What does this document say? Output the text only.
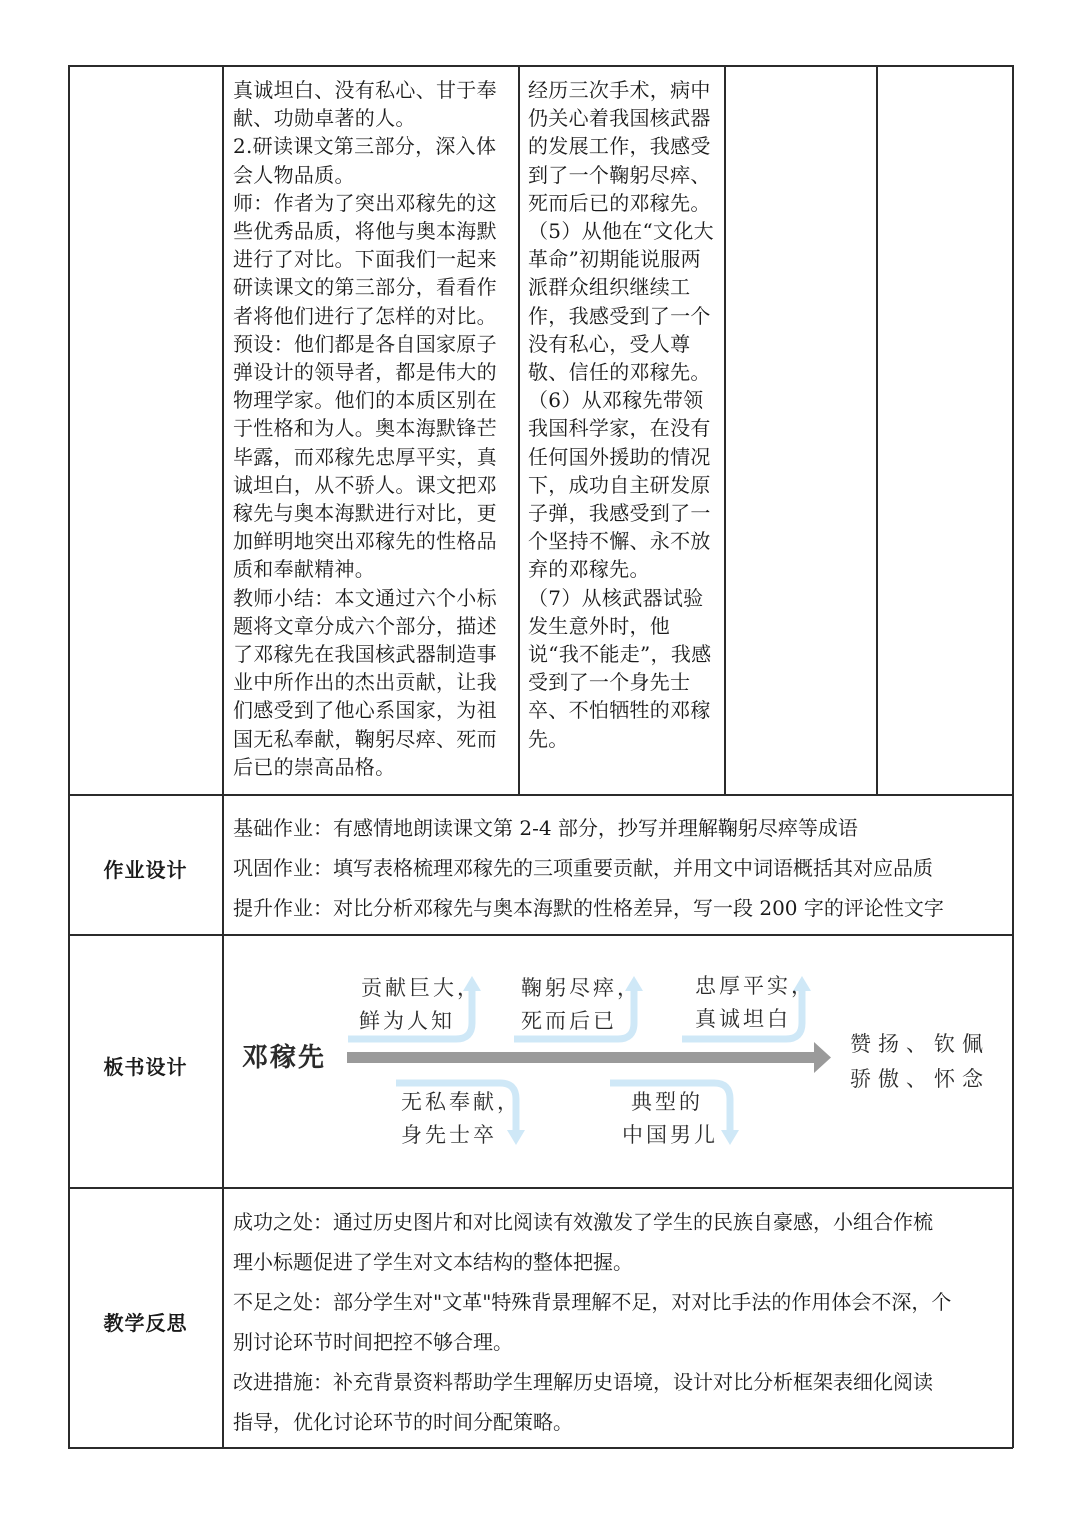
真诚坦白、没有私心、甘于奉献、功勋卓著的人。

2.研读课文第三部分，深入体会人物品质。

师：作者为了突出邓稼先的这些优秀品质，将他与奥本海默进行了对比。下面我们一起来研读课文的第三部分，看看作者将他们进行了怎样的对比。

预设：他们都是各自国家原子弹设计的领导者，都是伟大的物理学家。他们的本质区别在于性格和为人。奥本海默锋芒毕露，而邓稼先忠厚平实，真诚坦白，从不骄人。课文把邓稼先与奥本海默进行对比，更加鲜明地突出邓稼先的性格品质和奉献精神。

教师小结：本文通过六个小标题将文章分成六个部分，描述了邓稼先在我国核武器制造事业中所作出的杰出贡献，让我们感受到了他心系国家，为祖国无私奉献，鞠躬尽瘁、死而后已的崇高品格。

经历三次手术，病中仍关心着我国核武器的发展工作，我感受到了一个鞠躬尽瘁、死而后已的邓稼先。

（5）从他在“文化大革命”初期能说服两派群众组织继续工作，我感受到了一个没有私心，受人尊敬、信任的邓稼先。

（6）从邓稼先带领我国科学家，在没有任何国外援助的情况下，成功自主研发原子弹，我感受到了一个坚持不懈、永不放弃的邓稼先。

（7）从核武器试验发生意外时，他说“我不能走”，我感受到了一个身先士卒、不怕牺牲的邓稼先。

作业设计

基础作业：有感情地朗读课文第 2-4 部分，抄写并理解鞠躬尽瘁等成语

巩固作业：填写表格梳理邓稼先的三项重要贡献，并用文中词语概括其对应品质

提升作业：对比分析邓稼先与奥本海默的性格差异，写一段 200 字的评论性文字

板书设计	邓稼先
贡献巨大，
鲜为人知
鞠躬尽瘁，
死而后已
忠厚平实，
真诚坦白
无私奉献，
身先士卒
典型的
中国男儿
赞扬、钦佩
骄傲、怀念
教学反思

成功之处：通过历史图片和对比阅读有效激发了学生的民族自豪感，小组合作梳

理小标题促进了学生对文本结构的整体把握。

不足之处：部分学生对"文革"特殊背景理解不足，对对比手法的作用体会不深，个

别讨论环节时间把控不够合理。

改进措施：补充背景资料帮助学生理解历史语境，设计对比分析框架表细化阅读

指导，优化讨论环节的时间分配策略。
